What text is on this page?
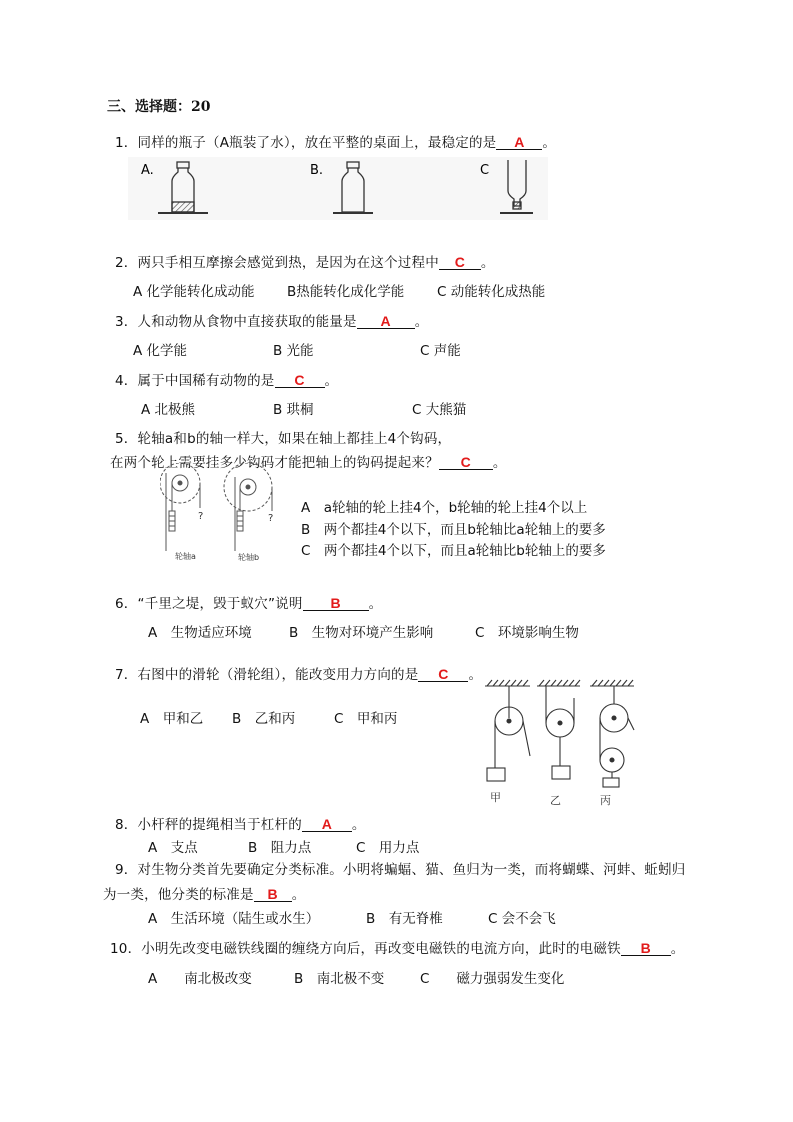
三、选择题：20
1．同样的瓶子（A瓶装了水），放在平整的桌面上，最稳定的是 A 。
A.	B.	C
2．两只手相互摩擦会感觉到热，是因为在这个过程中 C 。
A 化学能转化成动能 B热能转化成化学能 C 动能转化成热能
3．人和动物从食物中直接获取的能量是 A 。
A 化学能	B 光能	C 声能
4．属于中国稀有动物的是 C 。
A 北极熊	B 珙桐	C 大熊猫
5．轮轴a和b的轴一样大，如果在轴上都挂上4个钩码，
在两个轮上需要挂多少钩码才能把轴上的钩码提起来？ C 。
?	?
轮轴a	轮轴b
A　a轮轴的轮上挂4个，b轮轴的轮上挂4个以上
B　两个都挂4个以下，而且b轮轴比a轮轴上的要多
C　两个都挂4个以下，而且a轮轴比b轮轴上的要多
6．“千里之堤，毁于蚁穴”说明 B 。
A　生物适应环境	B　生物对环境产生影响	C　环境影响生物
7．右图中的滑轮（滑轮组），能改变用力方向的是 C 。
A　甲和乙 B　乙和丙	C　甲和丙
甲	乙	丙
8．小杆秤的提绳相当于杠杆的 A 。
A　支点	B　阻力点	C　用力点
9．对生物分类首先要确定分类标准。小明将蝙蝠、猫、鱼归为一类，而将蝴蝶、河蚌、蚯蚓归
为一类，他分类的标准是 B 。
A　生活环境（陆生或水生）	B　有无脊椎	C 会不会飞
10．小明先改变电磁铁线圈的缠绕方向后，再改变电磁铁的电流方向，此时的电磁铁 B 。
A　　南北极改变	B　南北极不变	C　　磁力强弱发生变化
